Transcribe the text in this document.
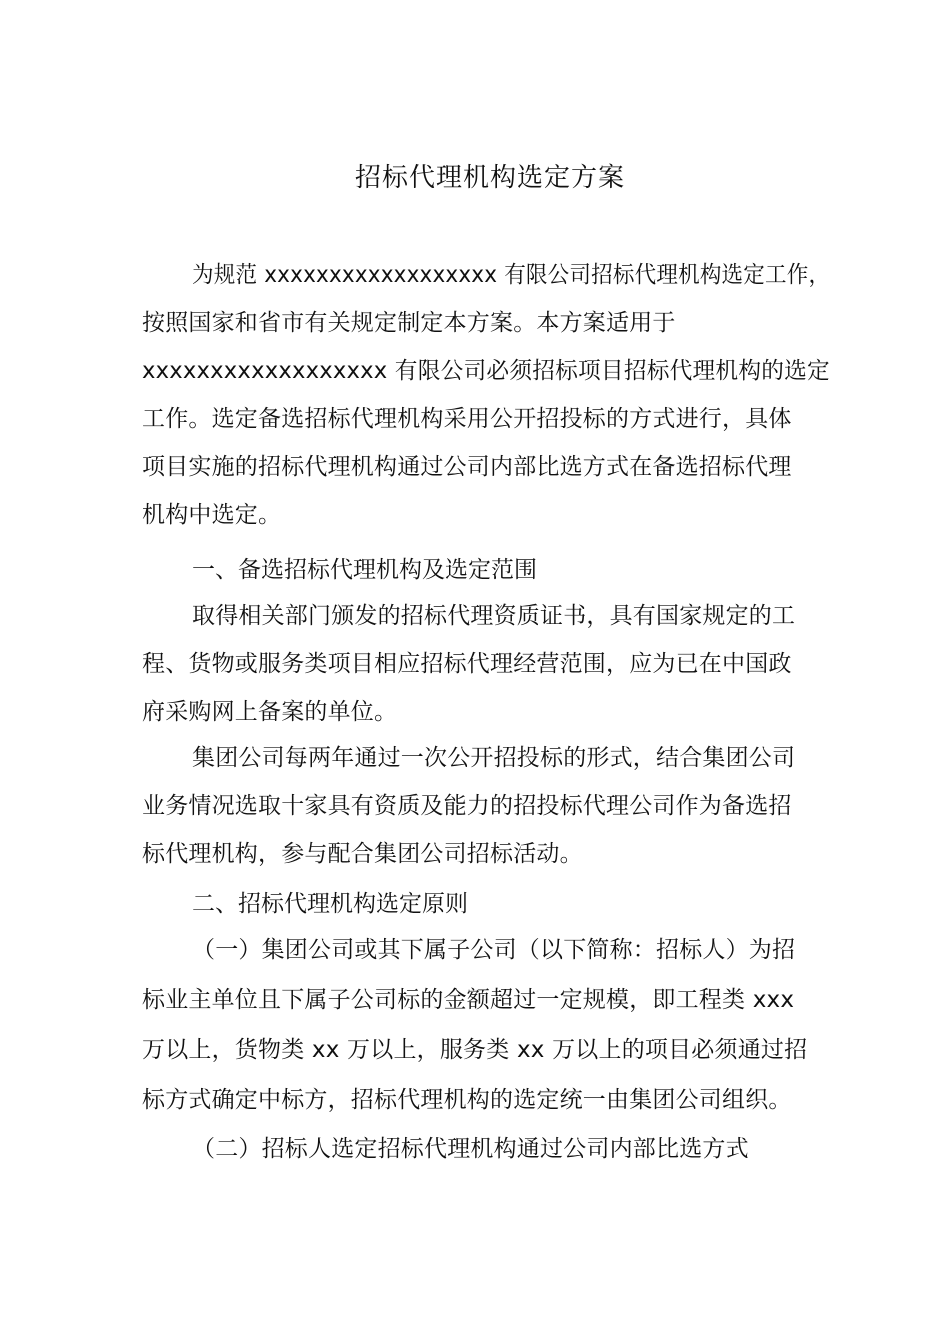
招标代理机构选定方案
为规范 xxxxxxxxxxxxxxxxxx 有限公司招标代理机构选定工作，
按照国家和省市有关规定制定本方案。本方案适用于
xxxxxxxxxxxxxxxxxx 有限公司必须招标项目招标代理机构的选定
工作。选定备选招标代理机构采用公开招投标的方式进行，具体
项目实施的招标代理机构通过公司内部比选方式在备选招标代理
机构中选定。
一、备选招标代理机构及选定范围
取得相关部门颁发的招标代理资质证书，具有国家规定的工
程、货物或服务类项目相应招标代理经营范围，应为已在中国政
府采购网上备案的单位。
集团公司每两年通过一次公开招投标的形式，结合集团公司
业务情况选取十家具有资质及能力的招投标代理公司作为备选招
标代理机构，参与配合集团公司招标活动。
二、招标代理机构选定原则
（一）集团公司或其下属子公司（以下简称：招标人）为招
标业主单位且下属子公司标的金额超过一定规模，即工程类 xxx
万以上，货物类 xx 万以上，服务类 xx 万以上的项目必须通过招
标方式确定中标方，招标代理机构的选定统一由集团公司组织。
（二）招标人选定招标代理机构通过公司内部比选方式
